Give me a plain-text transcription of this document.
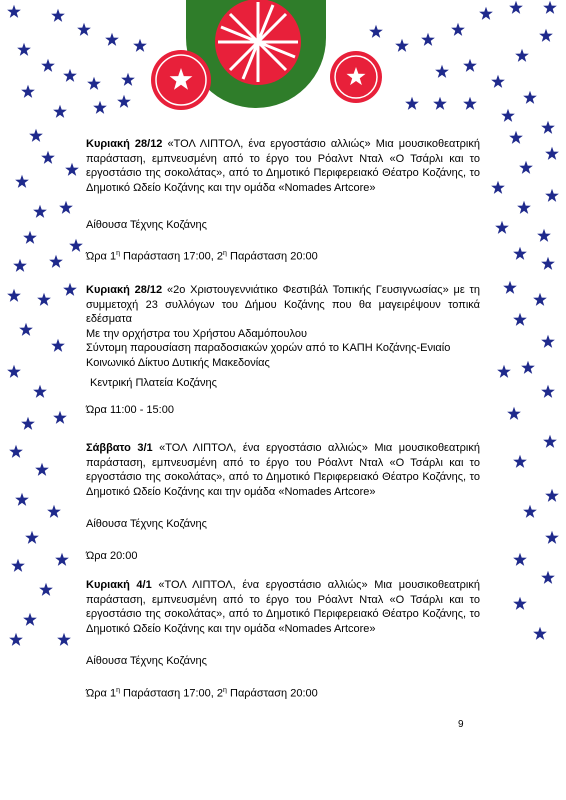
Κυριακή 28/12 «ΤΟΛ ΛΙΠΤΟΛ, ένα εργοστάσιο αλλιώς» Μια μουσικοθεατρική παράσταση, εμπνευσμένη από το έργο του Ρόαλντ Νταλ «Ο Τσάρλι και το εργοστάσιο της σοκολάτας», από το Δημοτικό Περιφερειακό Θέατρο Κοζάνης, το Δημοτικό Ωδείο Κοζάνης και την ομάδα «Nomades Artcore»

Αίθουσα Τέχνης Κοζάνης

Ώρα $1^\eta$ Παράσταση 17:00, $2^\eta$ Παράσταση 20:00

Κυριακή 28/12 «2ο Χριστουγεννιάτικο Φεστιβάλ Τοπικής Γευσιγνωσίας» με τη συμμετοχή 23 συλλόγων του Δήμου Κοζάνης που θα μαγειρέψουν τοπικά εδέσματα

Με την ορχήστρα του Χρήστου Αδαμόπουλου

Σύντομη παρουσίαση παραδοσιακών χορών από το ΚΑΠΗ Κοζάνης-Ενιαίο

Κοινωνικό Δίκτυο Δυτικής Μακεδονίας

Κεντρική Πλατεία Κοζάνης

Ώρα 11:00 - 15:00

Σάββατο 3/1 «ΤΟΛ ΛΙΠΤΟΛ, ένα εργοστάσιο αλλιώς» Μια μουσικοθεατρική παράσταση, εμπνευσμένη από το έργο του Ρόαλντ Νταλ «Ο Τσάρλι και το εργοστάσιο της σοκολάτας», από το Δημοτικό Περιφερειακό Θέατρο Κοζάνης, το Δημοτικό Ωδείο Κοζάνης και την ομάδα «Nomades Artcore»

Αίθουσα Τέχνης Κοζάνης

Ώρα 20:00

Κυριακή 4/1 «ΤΟΛ ΛΙΠΤΟΛ, ένα εργοστάσιο αλλιώς» Μια μουσικοθεατρική παράσταση, εμπνευσμένη από το έργο του Ρόαλντ Νταλ «Ο Τσάρλι και το εργοστάσιο της σοκολάτας», από το Δημοτικό Περιφερειακό Θέατρο Κοζάνης, το Δημοτικό Ωδείο Κοζάνης και την ομάδα «Nomades Artcore»

Αίθουσα Τέχνης Κοζάνης

Ώρα $1^\eta$ Παράσταση 17:00, $2^\eta$ Παράσταση 20:00

9
